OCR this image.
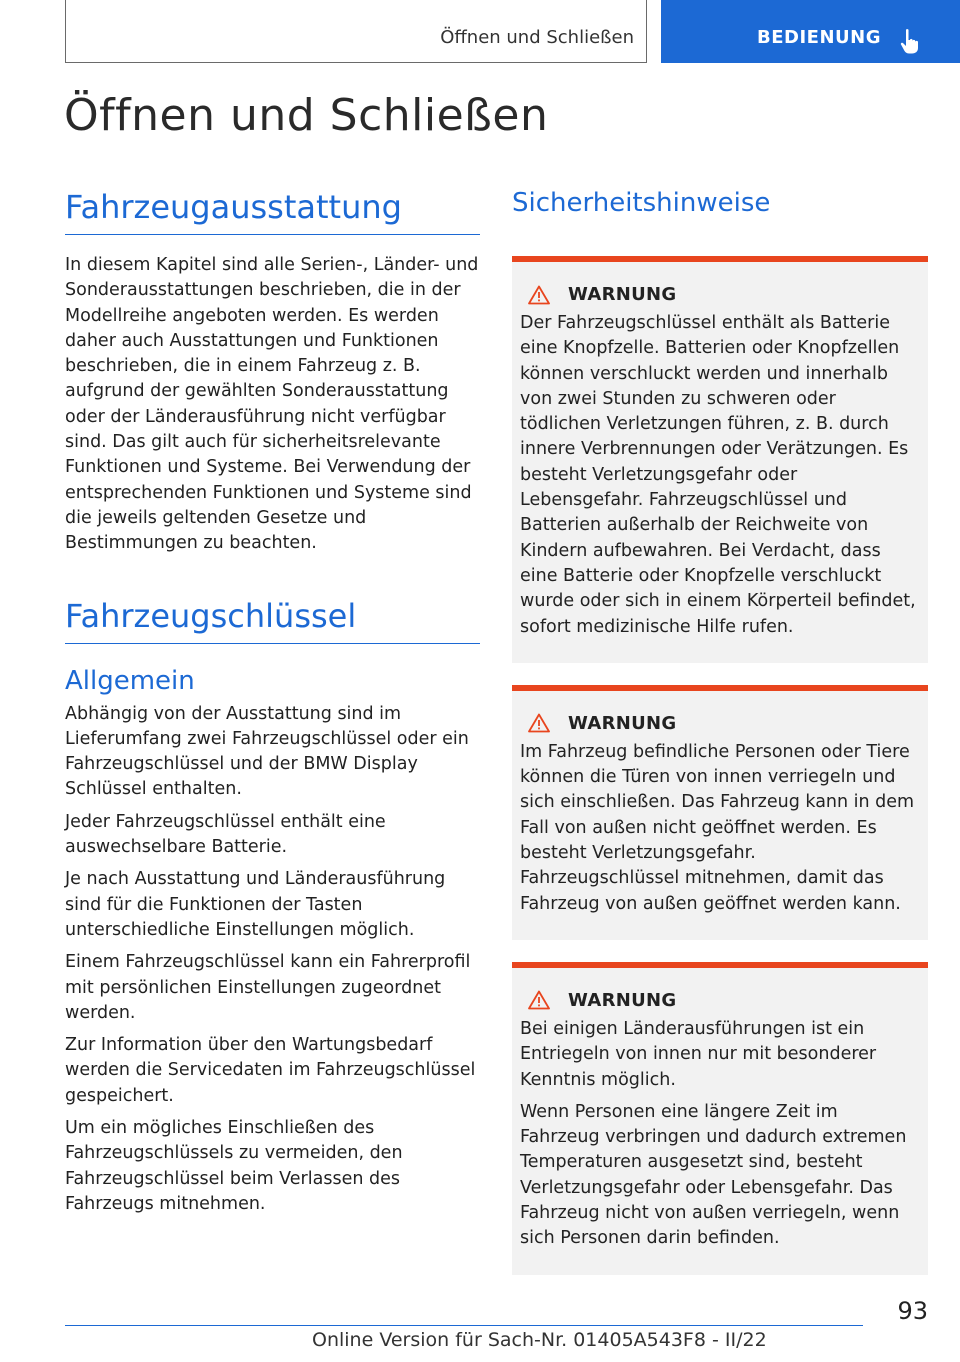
Öffnen und Schließen	BEDIENUNG
Öffnen und Schließen
Fahrzeugausstattung

In diesem Kapitel sind alle Serien-, Länder- und Sonderausstattungen beschrieben, die in der Modellreihe angeboten werden. Es werden daher auch Ausstattungen und Funktionen beschrieben, die in einem Fahrzeug z. B. aufgrund der gewählten Sonderausstattung oder der Länderausführung nicht verfügbar sind. Das gilt auch für sicherheitsrelevante Funktionen und Systeme. Bei Verwendung der entsprechenden Funktionen und Systeme sind die jeweils geltenden Gesetze und Bestimmungen zu beachten.

Fahrzeugschlüssel
Allgemein

Abhängig von der Ausstattung sind im Lieferumfang zwei Fahrzeugschlüssel oder ein Fahrzeugschlüssel und der BMW Display Schlüssel enthalten.

Jeder Fahrzeugschlüssel enthält eine auswechselbare Batterie.

Je nach Ausstattung und Länderausführung sind für die Funktionen der Tasten unterschiedliche Einstellungen möglich.

Einem Fahrzeugschlüssel kann ein Fahrerprofil mit persönlichen Einstellungen zugeordnet werden.

Zur Information über den Wartungsbedarf werden die Servicedaten im Fahrzeugschlüssel gespeichert.

Um ein mögliches Einschließen des Fahrzeugschlüssels zu vermeiden, den Fahrzeugschlüssel beim Verlassen des Fahrzeugs mitnehmen.

Sicherheitshinweise
WARNUNG

Der Fahrzeugschlüssel enthält als Batterie eine Knopfzelle. Batterien oder Knopfzellen können verschluckt werden und innerhalb von zwei Stunden zu schweren oder tödlichen Verletzungen führen, z. B. durch innere Verbrennungen oder Verätzungen. Es besteht Verletzungsgefahr oder Lebensgefahr. Fahrzeugschlüssel und Batterien außerhalb der Reichweite von Kindern aufbewahren. Bei Verdacht, dass eine Batterie oder Knopfzelle verschluckt wurde oder sich in einem Körperteil befindet, sofort medizinische Hilfe rufen.

WARNUNG

Im Fahrzeug befindliche Personen oder Tiere können die Türen von innen verriegeln und sich einschließen. Das Fahrzeug kann in dem Fall von außen nicht geöffnet werden. Es besteht Verletzungsgefahr. Fahrzeugschlüssel mitnehmen, damit das Fahrzeug von außen geöffnet werden kann.

WARNUNG

Bei einigen Länderausführungen ist ein Entriegeln von innen nur mit besonderer Kenntnis möglich.

Wenn Personen eine längere Zeit im Fahrzeug verbringen und dadurch extremen Temperaturen ausgesetzt sind, besteht Verletzungsgefahr oder Lebensgefahr. Das Fahrzeug nicht von außen verriegeln, wenn sich Personen darin befinden.

93
Online Version für Sach-Nr. 01405A543F8 - II/22
